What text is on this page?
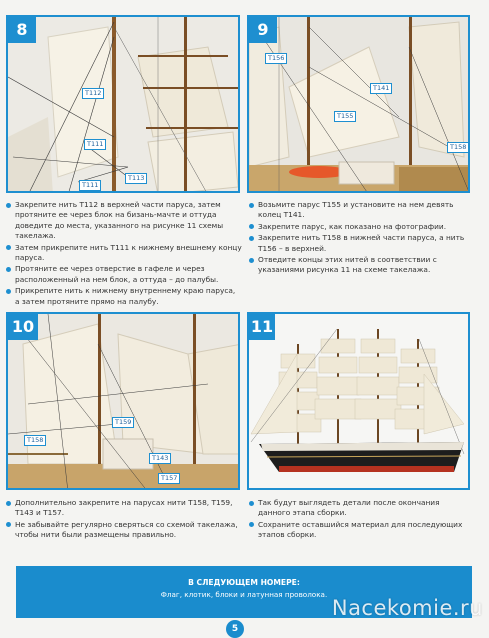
8
T112
T111
T113
T111
Закрепите нить T112 в верхней части паруса, затем протяните ее через блок на бизань-мачте и оттуда доведите до места, указанного на рисунке 11 схемы такелажа.
Затем прикрепите нить T111 к нижнему внешнему концу паруса.
Протяните ее через отверстие в гафеле и через расположенный на нем блок, а оттуда – до палубы.
Прикрепите нить к нижнему внутреннему краю паруса, а затем протяните прямо на палубу.
9
T156
T141
T155
T158
Возьмите парус T155 и установите на нем девять колец T141.
Закрепите парус, как показано на фотографии.
Закрепите нить T158 в нижней части паруса, а нить T156 – в верхней.
Отведите концы этих нитей в соответствии с указаниями рисунка 11 на схеме такелажа.
10
T159
T158
T143
T157
Дополнительно закрепите на парусах нити T158, T159, T143 и T157.
Не забывайте регулярно сверяться со схемой такелажа, чтобы нити были размещены правильно.
11
Так будут выглядеть детали после окончания данного этапа сборки.
Сохраните оставшийся материал для последующих этапов сборки.
В СЛЕДУЮЩЕМ НОМЕРЕ:
Флаг, клотик, блоки и латунная проволока.
Nacekomie.ru
5
